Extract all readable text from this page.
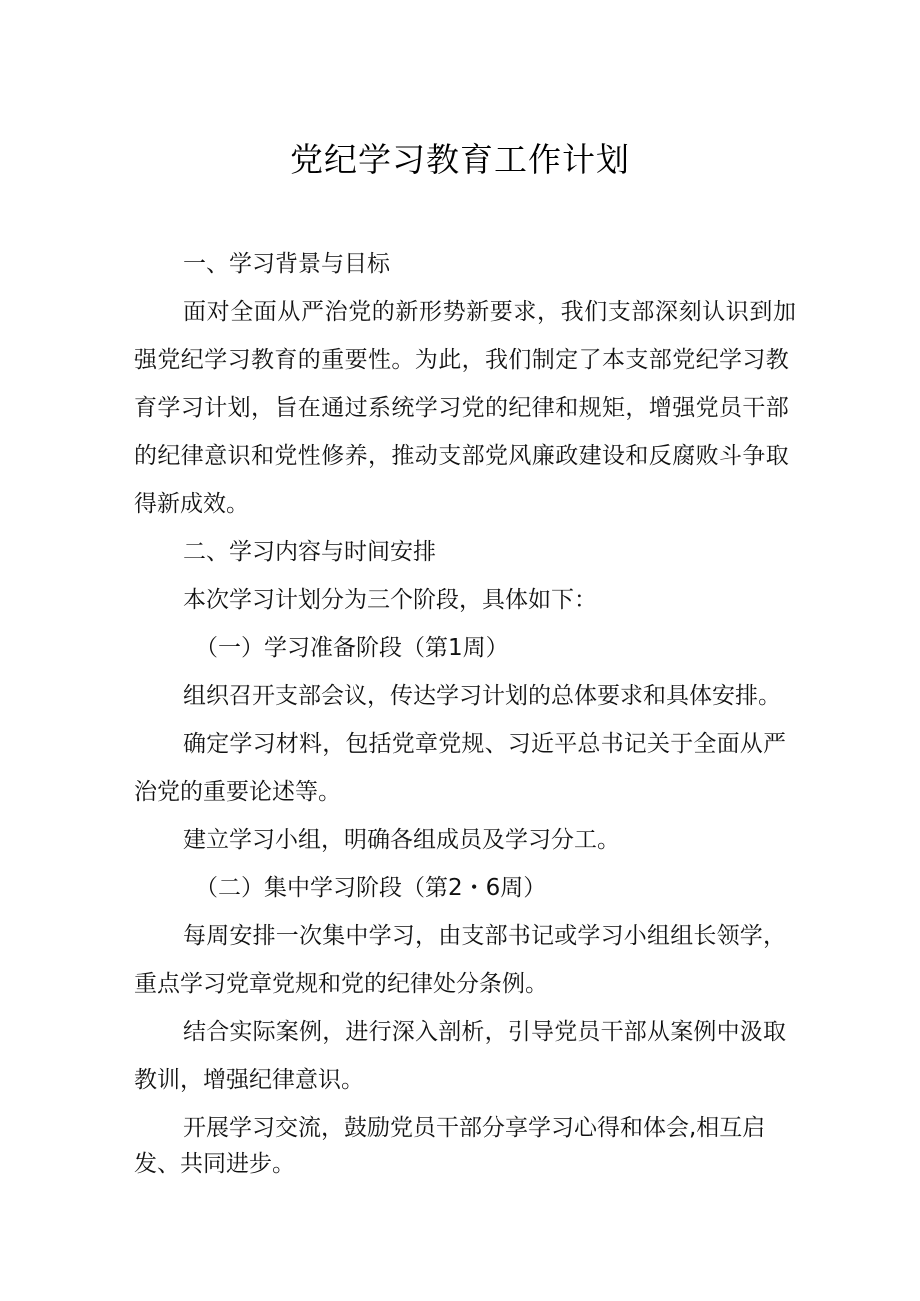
党纪学习教育工作计划
一、学习背景与目标
面对全面从严治党的新形势新要求，我们支部深刻认识到加
强党纪学习教育的重要性。为此，我们制定了本支部党纪学习教
育学习计划，旨在通过系统学习党的纪律和规矩，增强党员干部
的纪律意识和党性修养，推动支部党风廉政建设和反腐败斗争取
得新成效。
二、学习内容与时间安排
本次学习计划分为三个阶段，具体如下：
（一）学习准备阶段（第1周）
组织召开支部会议，传达学习计划的总体要求和具体安排。
确定学习材料，包括党章党规、习近平总书记关于全面从严
治党的重要论述等。
建立学习小组，明确各组成员及学习分工。
（二）集中学习阶段（第2・6周）
每周安排一次集中学习，由支部书记或学习小组组长领学，
重点学习党章党规和党的纪律处分条例。
结合实际案例，进行深入剖析，引导党员干部从案例中汲取
教训，增强纪律意识。
开展学习交流，鼓励党员干部分享学习心得和体会,相互启
发、共同进步。
